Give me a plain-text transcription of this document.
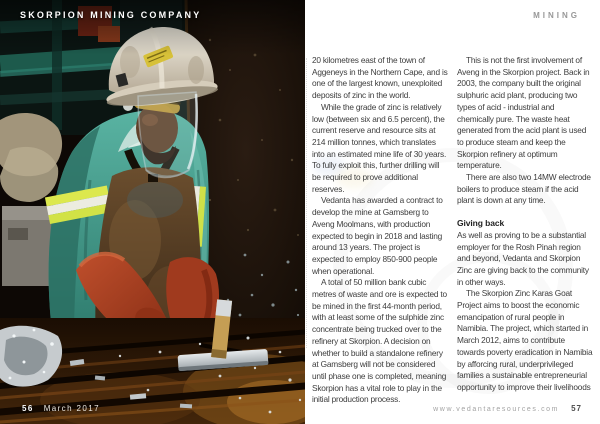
SKORPION MINING COMPANY
56 March 2017
MINING

20 kilometres east of the town of Aggeneys in the Northern Cape, and is one of the largest known, unexploited deposits of zinc in the world.

While the grade of zinc is relatively low (between six and 6.5 percent), the current reserve and resource sits at 214 million tonnes, which translates into an estimated mine life of 30 years. To fully exploit this, further drilling will be required to prove additional reserves.

Vedanta has awarded a contract to develop the mine at Gamsberg to Aveng Moolmans, with production expected to begin in 2018 and lasting around 13 years. The project is expected to employ 850-900 people when operational.

A total of 50 million bank cubic metres of waste and ore is expected to be mined in the first 44-month period, with at least some of the sulphide zinc concentrate being trucked over to the refinery at Skorpion. A decision on whether to build a standalone refinery at Gamsberg will not be considered until phase one is completed, meaning Skorpion has a vital role to play in the initial production process.

This is not the first involvement of Aveng in the Skorpion project. Back in 2003, the company built the original sulphuric acid plant, producing two types of acid - industrial and chemically pure. The waste heat generated from the acid plant is used to produce steam and keep the Skorpion refinery at optimum temperature.

There are also two 14MW electrode boilers to produce steam if the acid plant is down at any time.

Giving back

As well as proving to be a substantial employer for the Rosh Pinah region and beyond, Vedanta and Skorpion Zinc are giving back to the community in other ways.

The Skorpion Zinc Karas Goat Project aims to boost the economic emancipation of rural people in Namibia. The project, which started in March 2012, aims to contribute towards poverty eradication in Namibia by afforcing rural, underprivileged families a sustainable entrepreneurial opportunity to improve their livelihoods

www.vedantaresources.com 57
